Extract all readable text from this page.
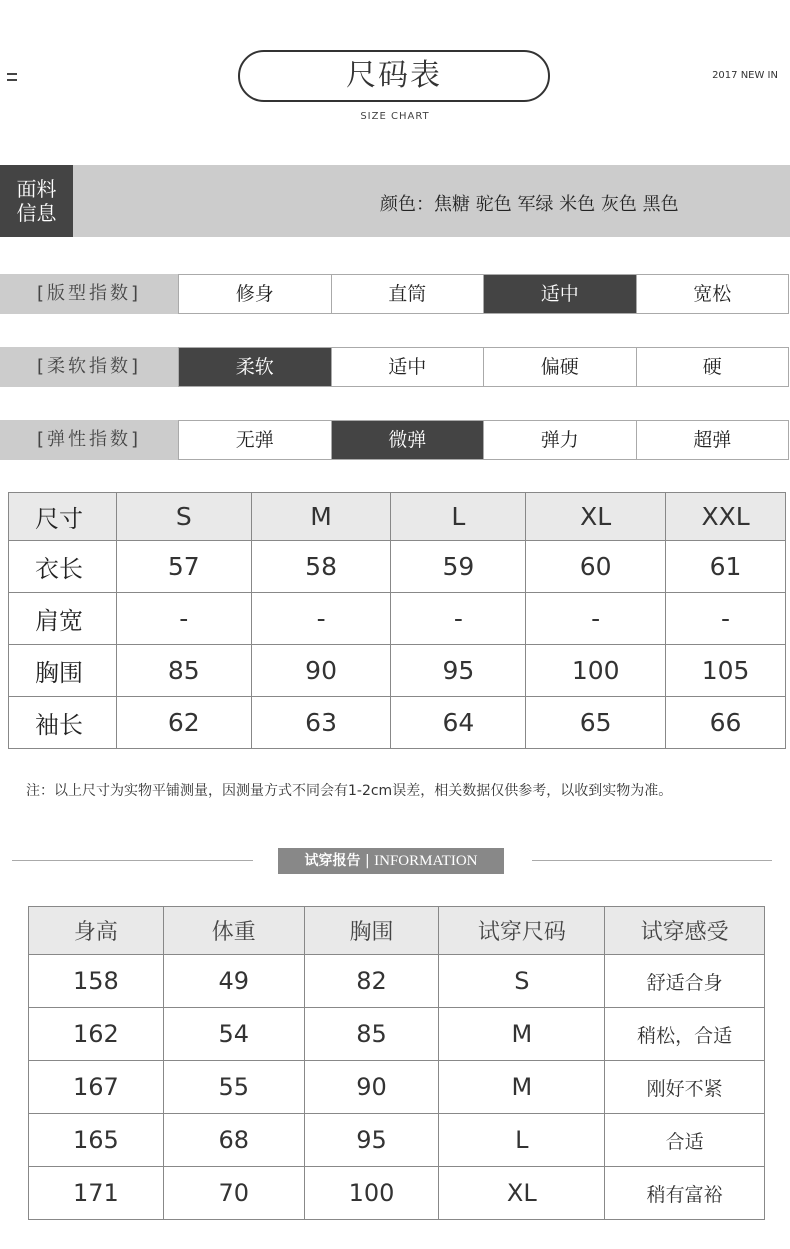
尺码表
SIZE CHART
2017 NEW IN
面料
信息	颜色：焦糖 驼色 军绿 米色 灰色 黑色
[版型指数]	修身	直筒	适中	宽松
[柔软指数]	柔软	适中	偏硬	硬
[弹性指数]	无弹	微弹	弹力	超弹
尺寸	S	M	L	XL	XXL
衣长	57	58	59	60	61
肩宽	-	-	-	-	-
胸围	85	90	95	100	105
袖长	62	63	64	65	66
注：以上尺寸为实物平铺测量，因测量方式不同会有1-2cm误差，相关数据仅供参考，以收到实物为准。
试穿报告 | INFORMATION
身高	体重	胸围	试穿尺码	试穿感受
158	49	82	S	舒适合身
162	54	85	M	稍松，合适
167	55	90	M	刚好不紧
165	68	95	L	合适
171	70	100	XL	稍有富裕
